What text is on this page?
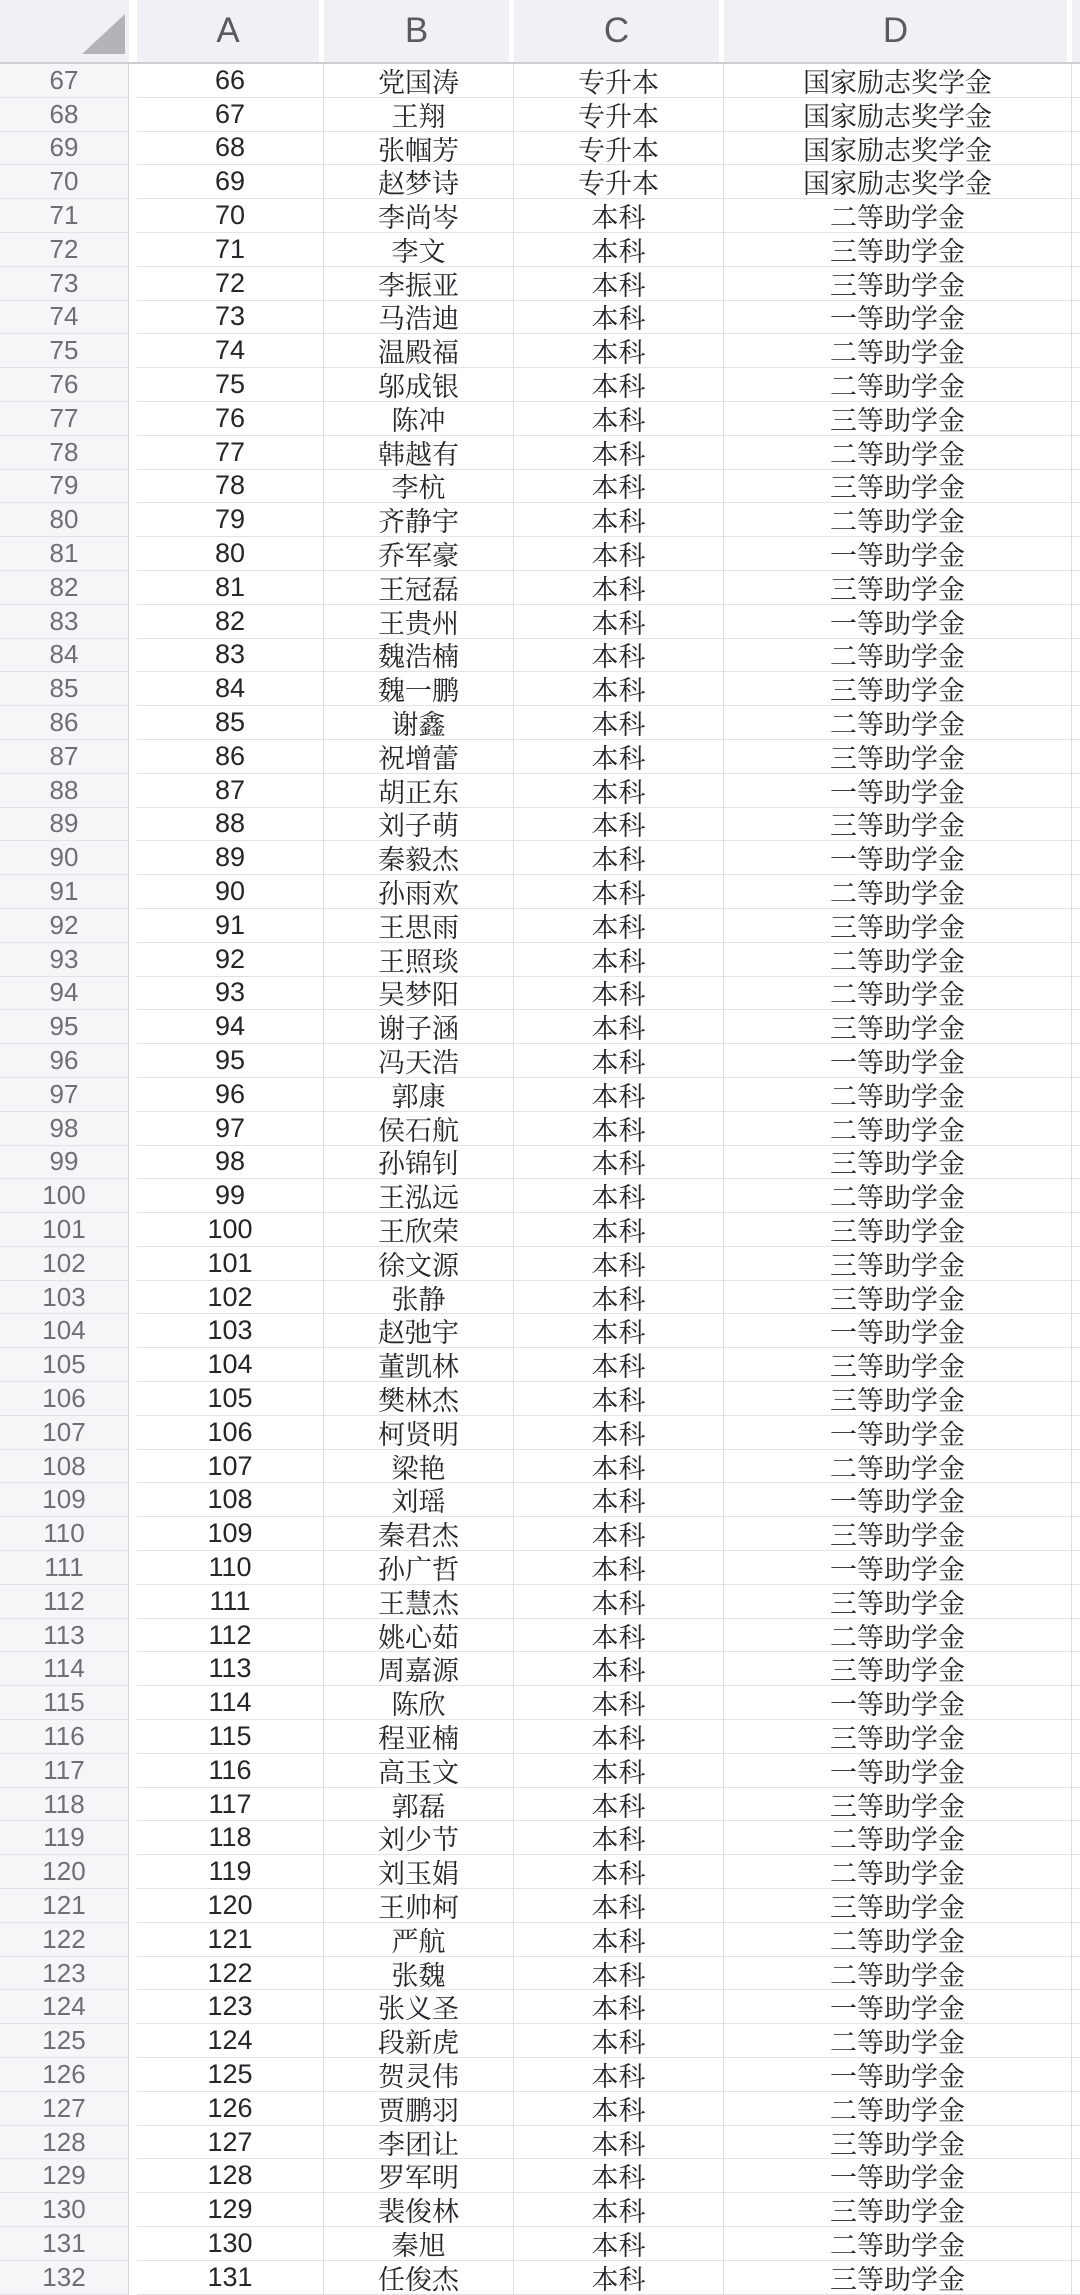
A	B	C	D
67	66	党国涛	专升本	国家励志奖学金
68	67	王翔	专升本	国家励志奖学金
69	68	张帼芳	专升本	国家励志奖学金
70	69	赵梦诗	专升本	国家励志奖学金
71	70	李尚岑	本科	二等助学金
72	71	李文	本科	三等助学金
73	72	李振亚	本科	三等助学金
74	73	马浩迪	本科	一等助学金
75	74	温殿福	本科	二等助学金
76	75	邬成银	本科	二等助学金
77	76	陈冲	本科	三等助学金
78	77	韩越有	本科	二等助学金
79	78	李杭	本科	三等助学金
80	79	齐静宇	本科	二等助学金
81	80	乔军豪	本科	一等助学金
82	81	王冠磊	本科	三等助学金
83	82	王贵州	本科	一等助学金
84	83	魏浩楠	本科	二等助学金
85	84	魏一鹏	本科	三等助学金
86	85	谢鑫	本科	二等助学金
87	86	祝增蕾	本科	三等助学金
88	87	胡正东	本科	一等助学金
89	88	刘子萌	本科	三等助学金
90	89	秦毅杰	本科	一等助学金
91	90	孙雨欢	本科	二等助学金
92	91	王思雨	本科	三等助学金
93	92	王照琰	本科	二等助学金
94	93	吴梦阳	本科	二等助学金
95	94	谢子涵	本科	三等助学金
96	95	冯天浩	本科	一等助学金
97	96	郭康	本科	二等助学金
98	97	侯石航	本科	二等助学金
99	98	孙锦钊	本科	三等助学金
100	99	王泓远	本科	二等助学金
101	100	王欣荣	本科	三等助学金
102	101	徐文源	本科	三等助学金
103	102	张静	本科	三等助学金
104	103	赵弛宇	本科	一等助学金
105	104	董凯林	本科	三等助学金
106	105	樊林杰	本科	三等助学金
107	106	柯贤明	本科	一等助学金
108	107	梁艳	本科	二等助学金
109	108	刘瑶	本科	一等助学金
110	109	秦君杰	本科	三等助学金
111	110	孙广哲	本科	一等助学金
112	111	王慧杰	本科	三等助学金
113	112	姚心茹	本科	二等助学金
114	113	周嘉源	本科	三等助学金
115	114	陈欣	本科	一等助学金
116	115	程亚楠	本科	三等助学金
117	116	高玉文	本科	一等助学金
118	117	郭磊	本科	三等助学金
119	118	刘少节	本科	二等助学金
120	119	刘玉娟	本科	二等助学金
121	120	王帅柯	本科	三等助学金
122	121	严航	本科	二等助学金
123	122	张魏	本科	二等助学金
124	123	张义圣	本科	一等助学金
125	124	段新虎	本科	二等助学金
126	125	贺灵伟	本科	一等助学金
127	126	贾鹏羽	本科	二等助学金
128	127	李团让	本科	三等助学金
129	128	罗军明	本科	一等助学金
130	129	裴俊林	本科	三等助学金
131	130	秦旭	本科	二等助学金
132	131	任俊杰	本科	三等助学金
